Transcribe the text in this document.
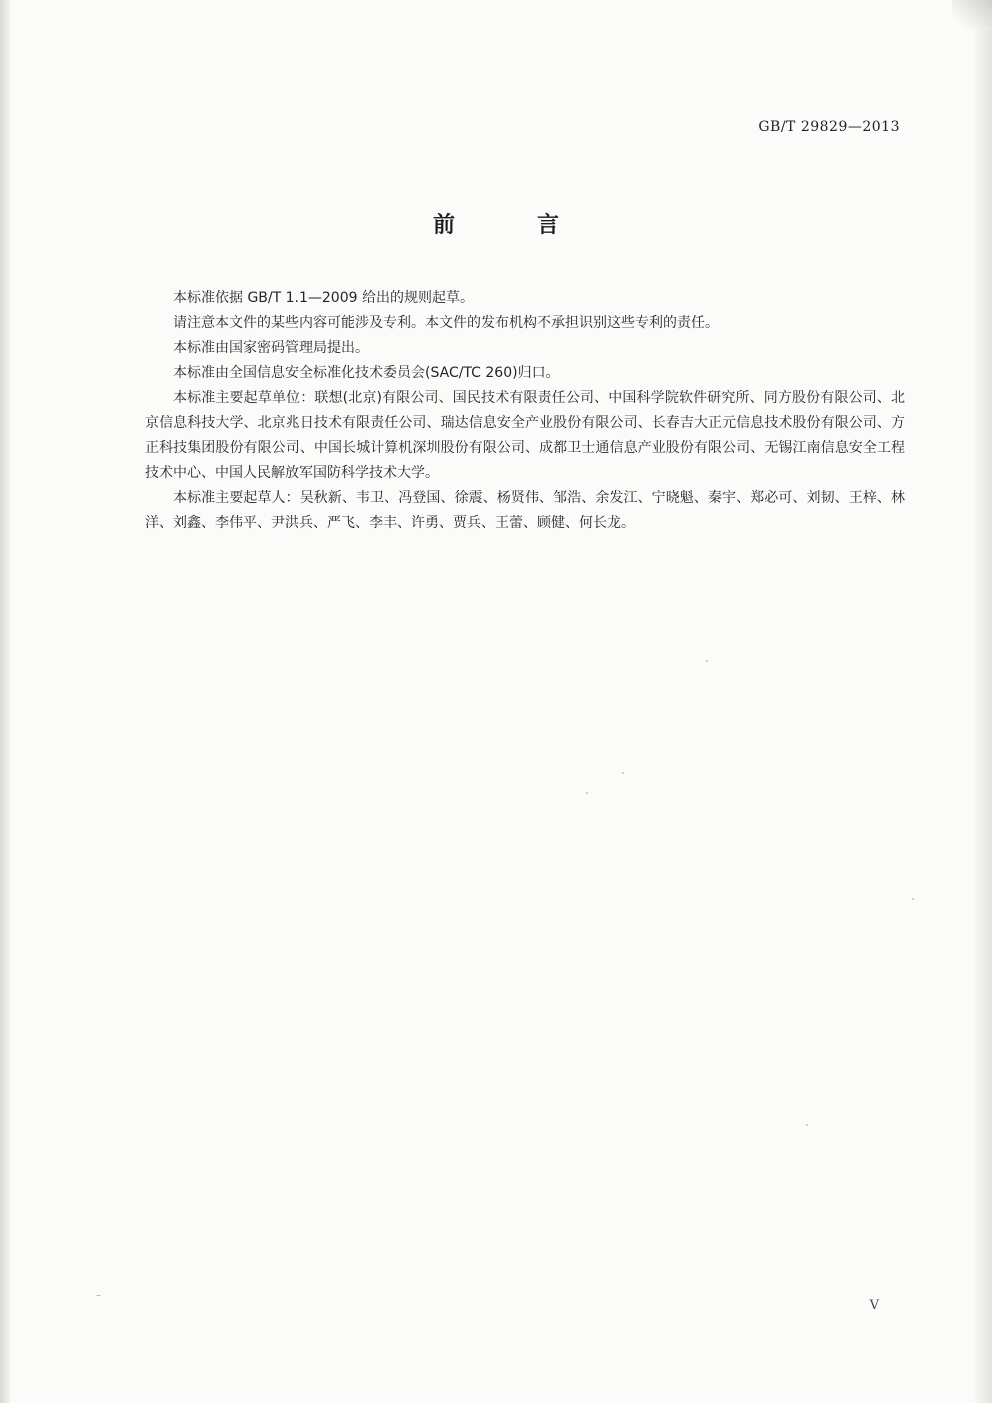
GB/T 29829—2013
前　言

本标准依据 GB/T 1.1—2009 给出的规则起草。

请注意本文件的某些内容可能涉及专利。本文件的发布机构不承担识别这些专利的责任。

本标准由国家密码管理局提出。

本标准由全国信息安全标准化技术委员会(SAC/TC 260)归口。

本标准主要起草单位：联想(北京)有限公司、国民技术有限责任公司、中国科学院软件研究所、同方股份有限公司、北京信息科技大学、北京兆日技术有限责任公司、瑞达信息安全产业股份有限公司、长春吉大正元信息技术股份有限公司、方正科技集团股份有限公司、中国长城计算机深圳股份有限公司、成都卫士通信息产业股份有限公司、无锡江南信息安全工程技术中心、中国人民解放军国防科学技术大学。

本标准主要起草人：吴秋新、韦卫、冯登国、徐震、杨贤伟、邹浩、余发江、宁晓魁、秦宇、郑必可、刘韧、王梓、林洋、刘鑫、李伟平、尹洪兵、严飞、李丰、许勇、贾兵、王蕾、顾健、何长龙。

V
